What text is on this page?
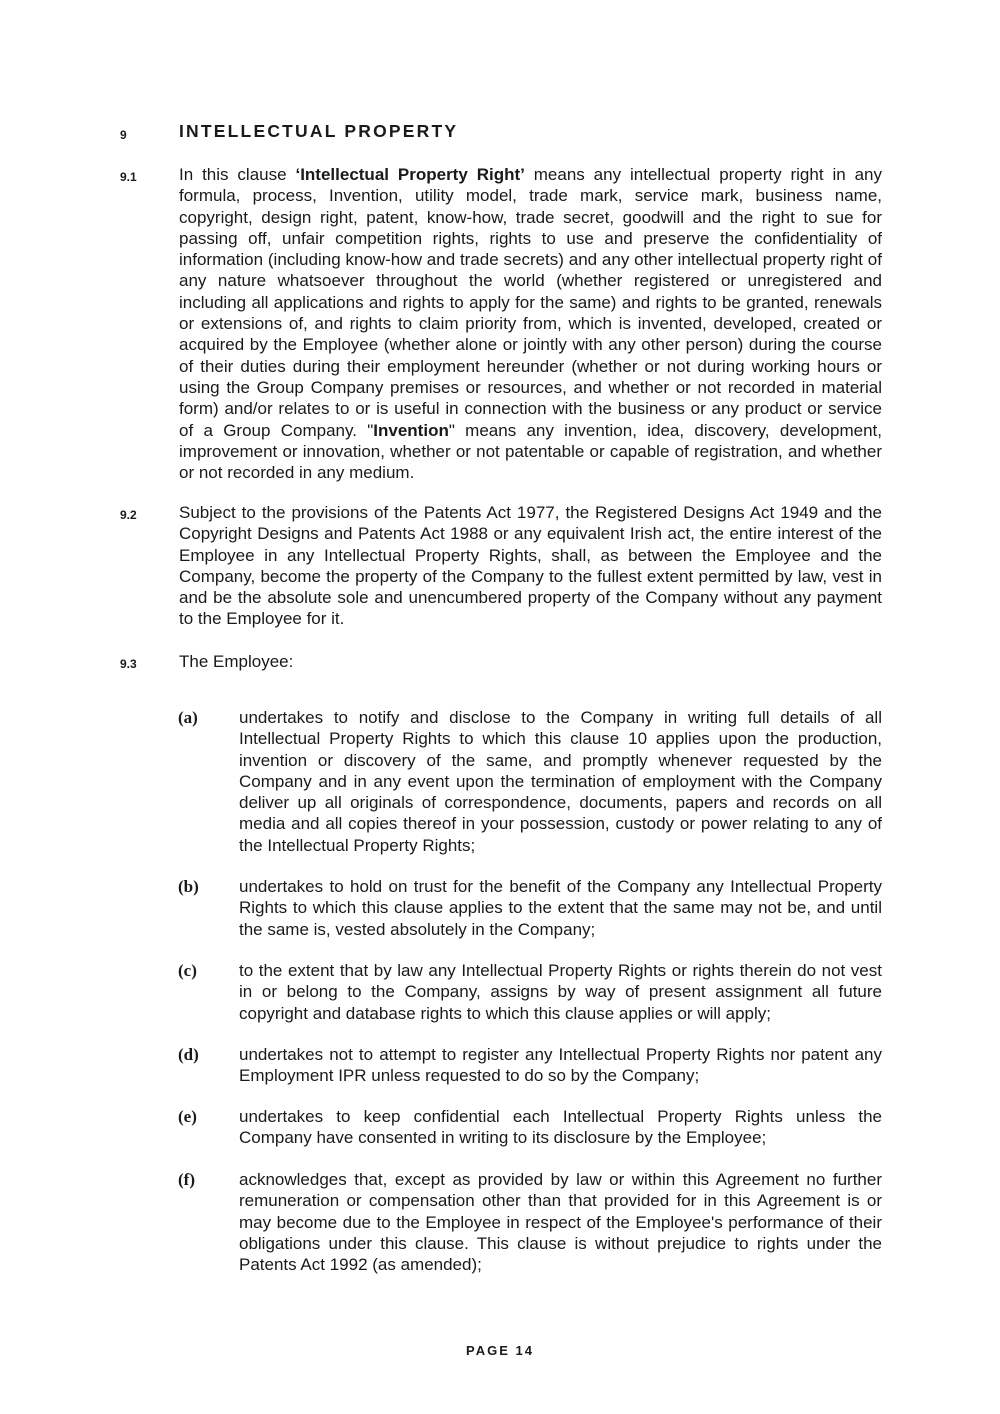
9	INTELLECTUAL PROPERTY
9.1 In this clause ‘Intellectual Property Right’ means any intellectual property right in any formula, process, Invention, utility model, trade mark, service mark, business name, copyright, design right, patent, know-how, trade secret, goodwill and the right to sue for passing off, unfair competition rights, rights to use and preserve the confidentiality of information (including know-how and trade secrets) and any other intellectual property right of any nature whatsoever throughout the world (whether registered or unregistered and including all applications and rights to apply for the same) and rights to be granted, renewals or extensions of, and rights to claim priority from, which is invented, developed, created or acquired by the Employee (whether alone or jointly with any other person) during the course of their duties during their employment hereunder (whether or not during working hours or using the Group Company premises or resources, and whether or not recorded in material form) and/or relates to or is useful in connection with the business or any product or service of a Group Company. "Invention" means any invention, idea, discovery, development, improvement or innovation, whether or not patentable or capable of registration, and whether or not recorded in any medium.
9.2 Subject to the provisions of the Patents Act 1977, the Registered Designs Act 1949 and the Copyright Designs and Patents Act 1988 or any equivalent Irish act, the entire interest of the Employee in any Intellectual Property Rights, shall, as between the Employee and the Company, become the property of the Company to the fullest extent permitted by law, vest in and be the absolute sole and unencumbered property of the Company without any payment to the Employee for it.
9.3 The Employee:
(a) undertakes to notify and disclose to the Company in writing full details of all Intellectual Property Rights to which this clause 10 applies upon the production, invention or discovery of the same, and promptly whenever requested by the Company and in any event upon the termination of employment with the Company deliver up all originals of correspondence, documents, papers and records on all media and all copies thereof in your possession, custody or power relating to any of the Intellectual Property Rights;
(b) undertakes to hold on trust for the benefit of the Company any Intellectual Property Rights to which this clause applies to the extent that the same may not be, and until the same is, vested absolutely in the Company;
(c) to the extent that by law any Intellectual Property Rights or rights therein do not vest in or belong to the Company, assigns by way of present assignment all future copyright and database rights to which this clause applies or will apply;
(d) undertakes not to attempt to register any Intellectual Property Rights nor patent any Employment IPR unless requested to do so by the Company;
(e) undertakes to keep confidential each Intellectual Property Rights unless the Company have consented in writing to its disclosure by the Employee;
(f)	acknowledges that, except as provided by law or within this Agreement no further remuneration or compensation other than that provided for in this Agreement is or may become due to the Employee in respect of the Employee's performance of their obligations under this clause. This clause is without prejudice to rights under the Patents Act 1992 (as amended);
PAGE 14
